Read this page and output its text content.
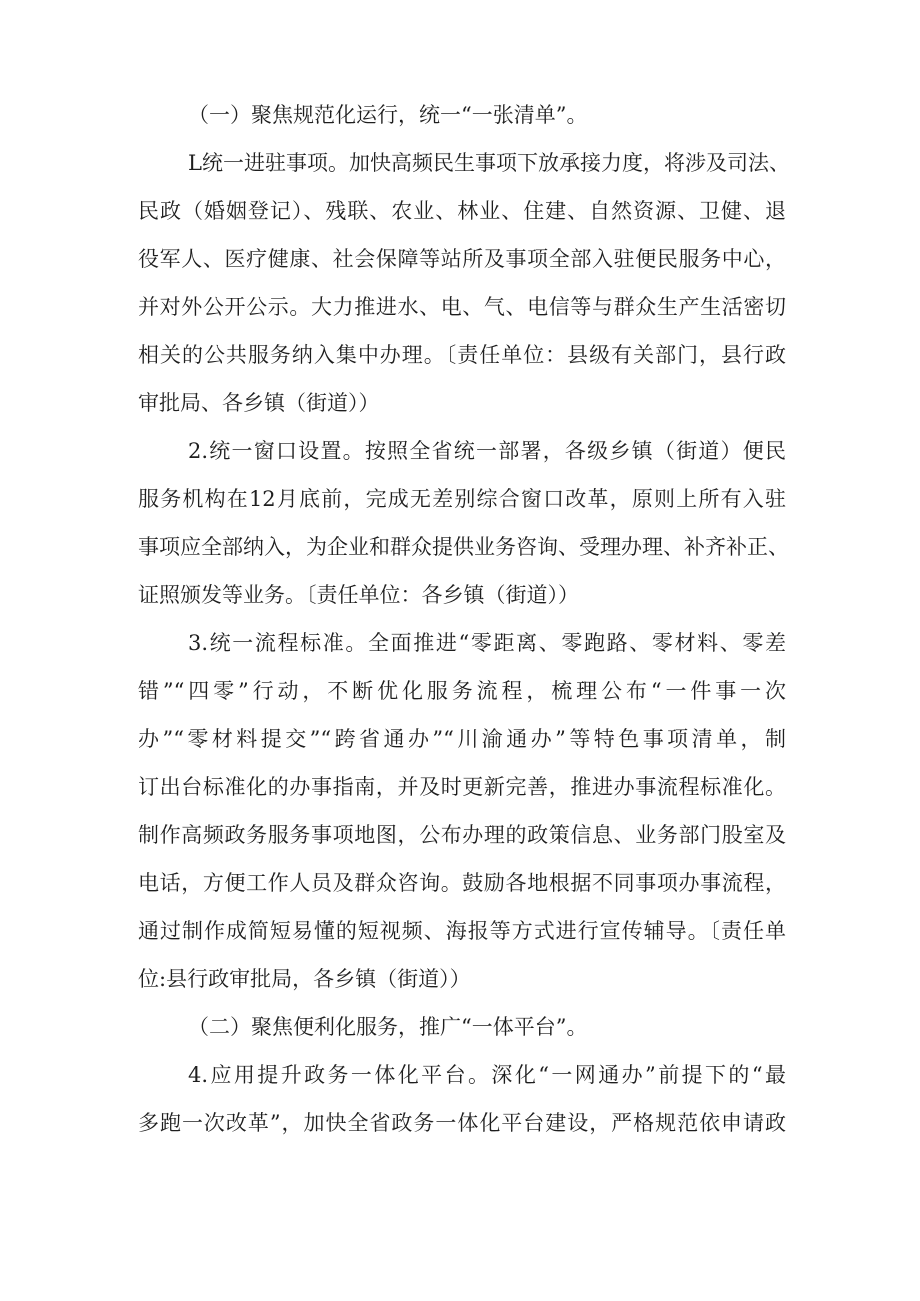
（一）聚焦规范化运行，统一“一张清单”。
L统一进驻事项。加快高频民生事项下放承接力度，将涉及司法、
民政（婚姻登记）、残联、农业、林业、住建、自然资源、卫健、退
役军人、医疗健康、社会保障等站所及事项全部入驻便民服务中心，
并对外公开公示。大力推进水、电、气、电信等与群众生产生活密切
相关的公共服务纳入集中办理。〔责任单位：县级有关部门，县行政
审批局、各乡镇（街道））
2.统一窗口设置。按照全省统一部署，各级乡镇（街道）便民
服务机构在12月底前，完成无差别综合窗口改革，原则上所有入驻
事项应全部纳入，为企业和群众提供业务咨询、受理办理、补齐补正、
证照颁发等业务。〔责任单位：各乡镇（街道））
3.统一流程标准。全面推进“零距离、零跑路、零材料、零差
错”“四零”行动，不断优化服务流程，梳理公布“一件事一次
办”“零材料提交”“跨省通办”“川渝通办”等特色事项清单，制
订出台标准化的办事指南，并及时更新完善，推进办事流程标准化。
制作高频政务服务事项地图，公布办理的政策信息、业务部门股室及
电话，方便工作人员及群众咨询。鼓励各地根据不同事项办事流程，
通过制作成简短易懂的短视频、海报等方式进行宣传辅导。〔责任单
位:县行政审批局，各乡镇（街道））
（二）聚焦便利化服务，推广“一体平台”。
4.应用提升政务一体化平台。深化“一网通办”前提下的“最
多跑一次改革”，加快全省政务一体化平台建设，严格规范依申请政
